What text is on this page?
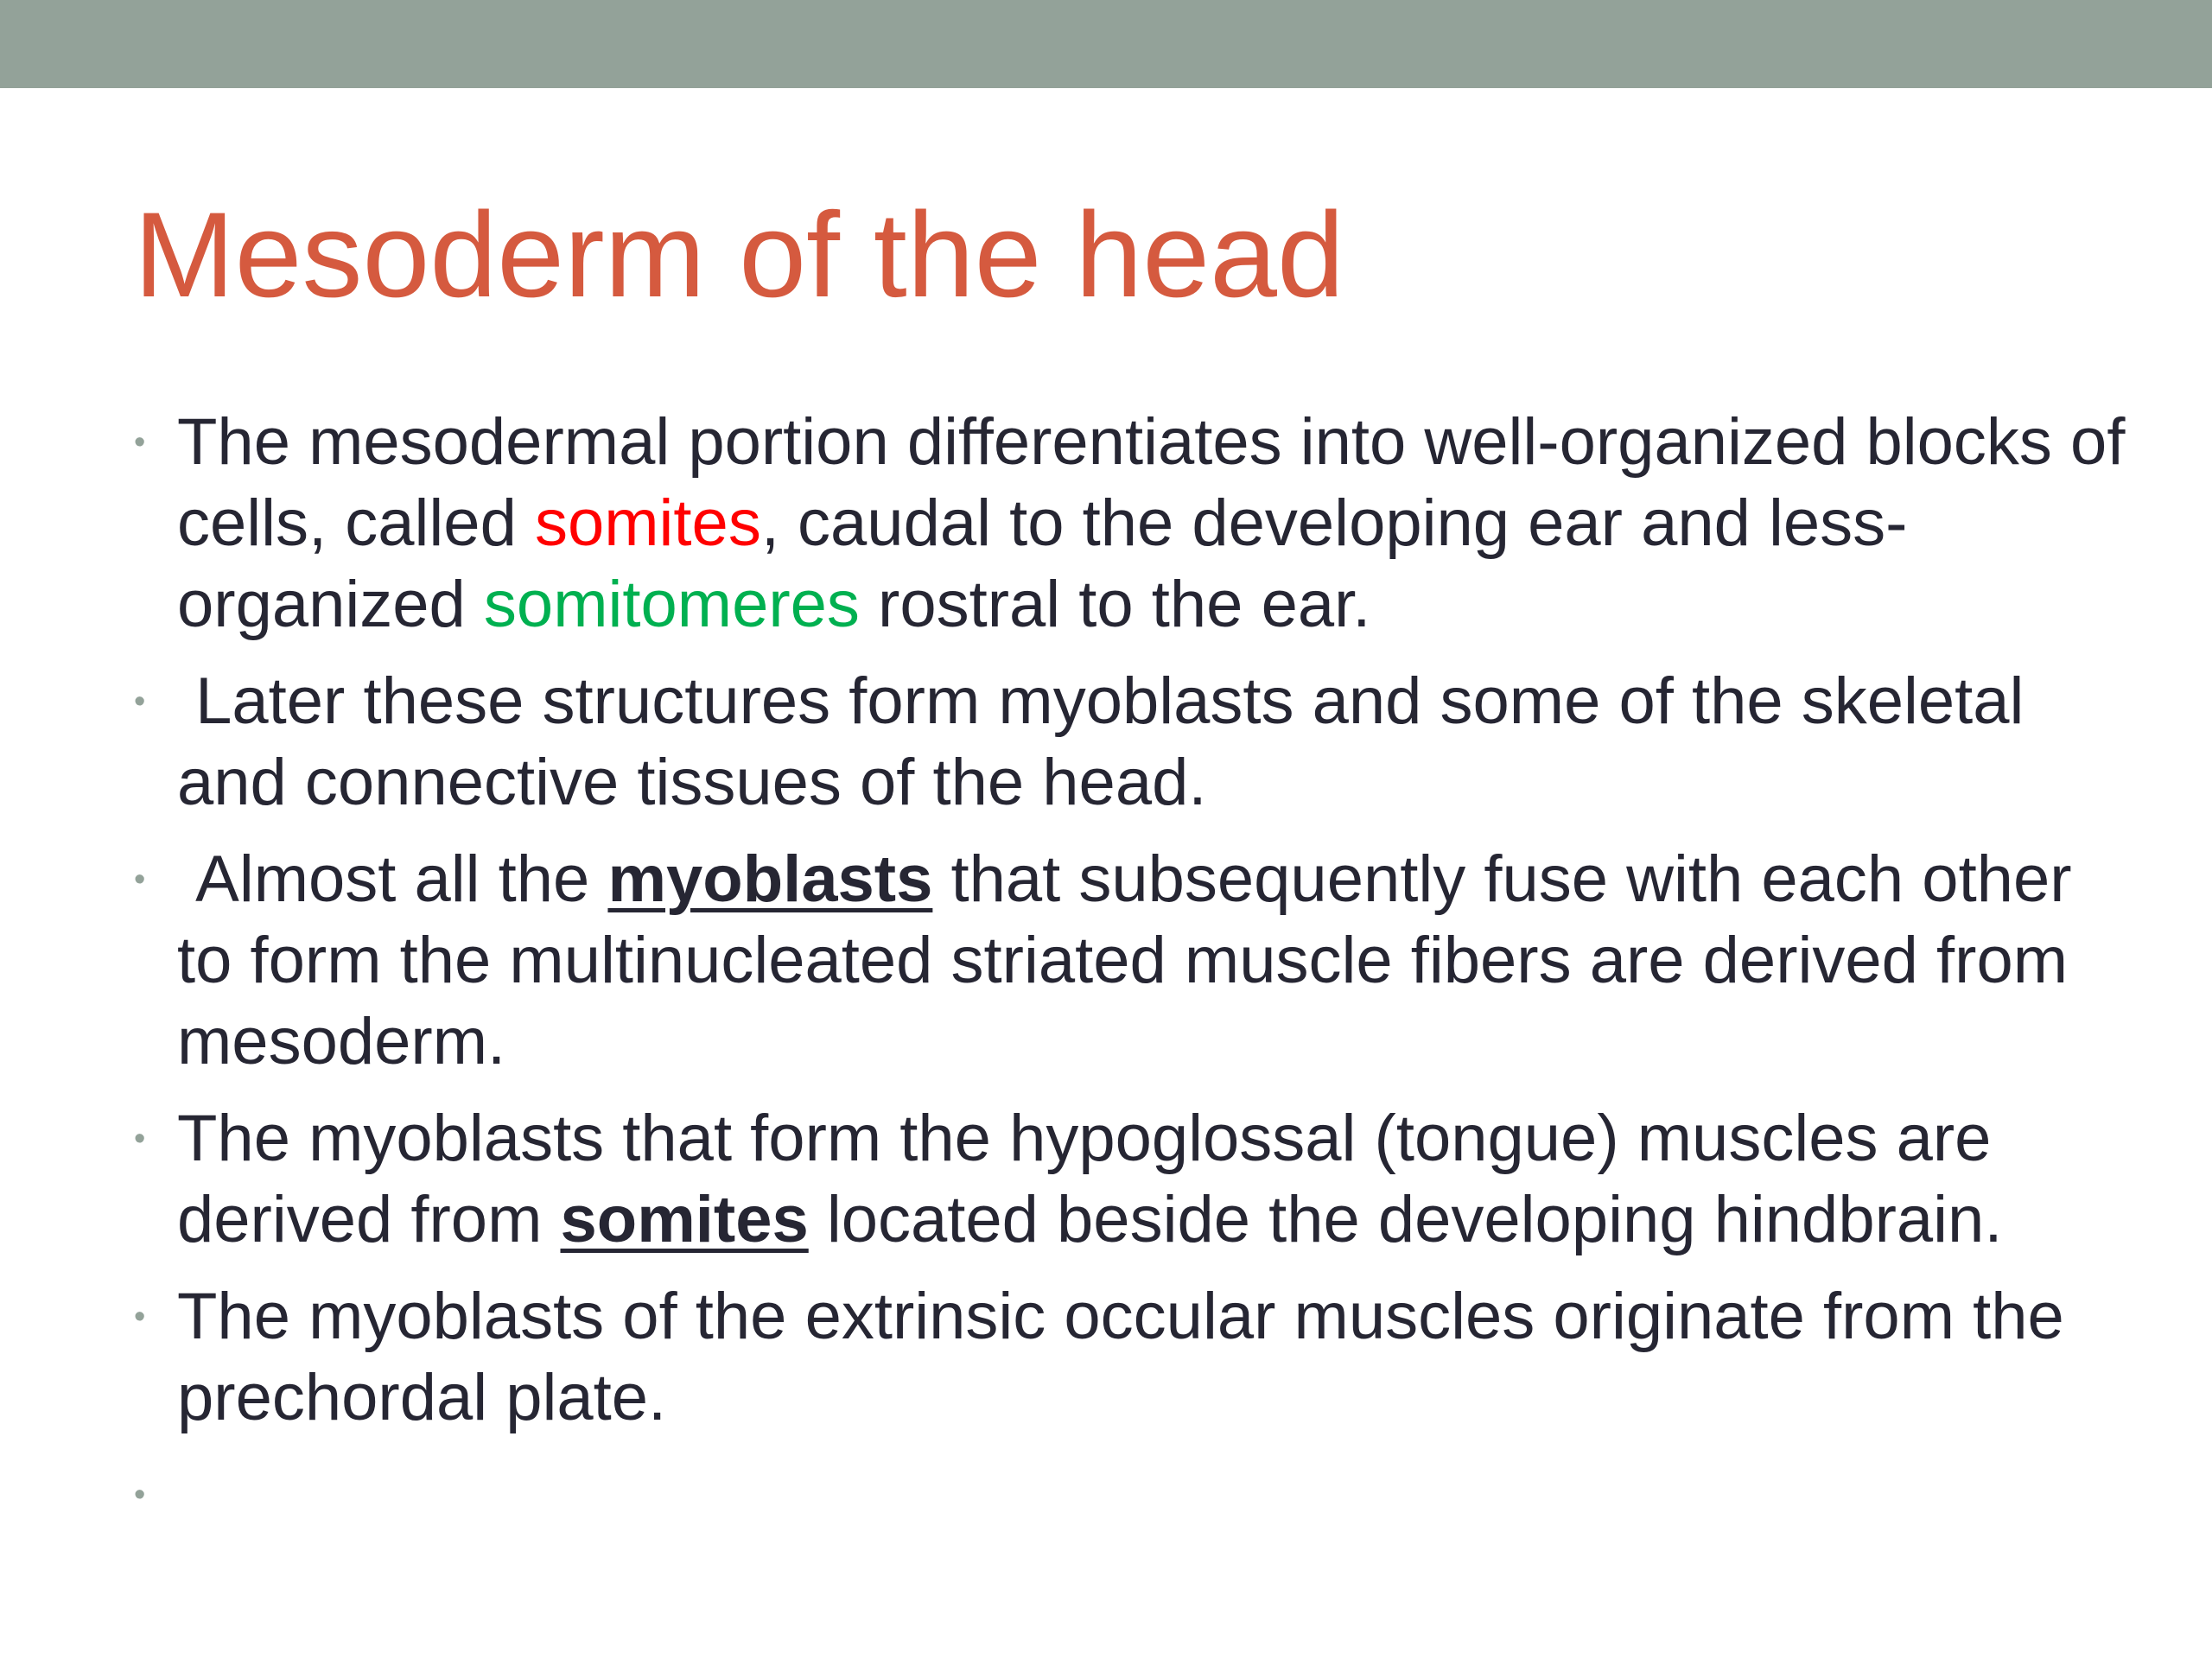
Mesoderm of the head
• The mesodermal portion differentiates into well-organized blocks of cells, called somites, caudal to the developing ear and less-organized somitomeres rostral to the ear.
• Later these structures form myoblasts and some of the skeletal and connective tissues of the head.
• Almost all the myoblasts that subsequently fuse with each other to form the multinucleated striated muscle fibers are derived from mesoderm.
• The myoblasts that form the hypoglossal (tongue) muscles are derived from somites located beside the developing hindbrain.
• The myoblasts of the extrinsic occular muscles originate from the prechordal plate.
•
